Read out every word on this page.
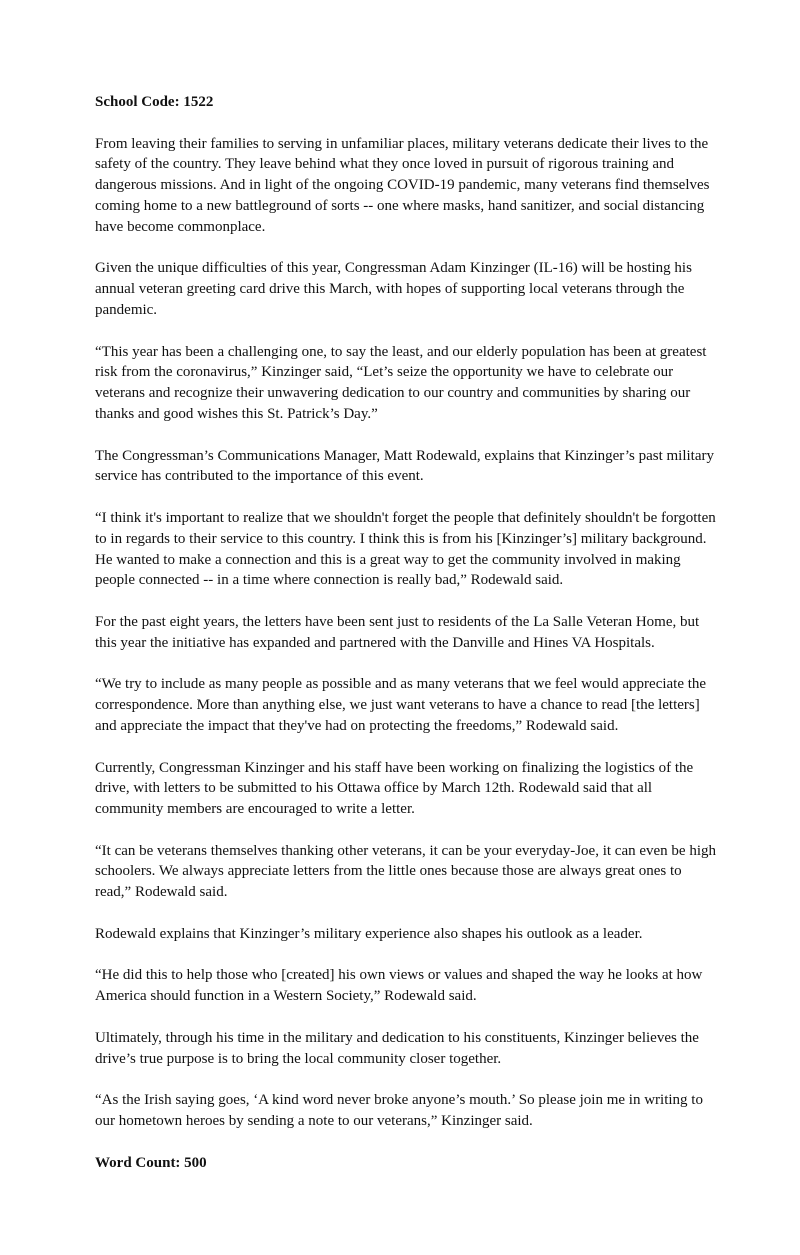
School Code: 1522

From leaving their families to serving in unfamiliar places, military veterans dedicate their lives to the safety of the country. They leave behind what they once loved in pursuit of rigorous training and dangerous missions. And in light of the ongoing COVID-19 pandemic, many veterans find themselves coming home to a new battleground of sorts -- one where masks, hand sanitizer, and social distancing have become commonplace.

Given the unique difficulties of this year, Congressman Adam Kinzinger (IL-16) will be hosting his annual veteran greeting card drive this March, with hopes of supporting local veterans through the pandemic.

“This year has been a challenging one, to say the least, and our elderly population has been at greatest risk from the coronavirus,” Kinzinger said, “Let’s seize the opportunity we have to celebrate our veterans and recognize their unwavering dedication to our country and communities by sharing our thanks and good wishes this St. Patrick’s Day.”

The Congressman’s Communications Manager, Matt Rodewald, explains that Kinzinger’s past military service has contributed to the importance of this event.

“I think it's important to realize that we shouldn't forget the people that definitely shouldn't be forgotten to in regards to their service to this country. I think this is from his [Kinzinger’s] military background. He wanted to make a connection and this is a great way to get the community involved in making people connected -- in a time where connection is really bad,” Rodewald said.

For the past eight years, the letters have been sent just to residents of the La Salle Veteran Home, but this year the initiative has expanded and partnered with the Danville and Hines VA Hospitals.

“We try to include as many people as possible and as many veterans that we feel would appreciate the correspondence. More than anything else, we just want veterans to have a chance to read [the letters] and appreciate the impact that they've had on protecting the freedoms,” Rodewald said.

Currently, Congressman Kinzinger and his staff have been working on finalizing the logistics of the drive, with letters to be submitted to his Ottawa office by March 12th. Rodewald said that all community members are encouraged to write a letter.

“It can be veterans themselves thanking other veterans, it can be your everyday-Joe, it can even be high schoolers. We always appreciate letters from the little ones because those are always great ones to read,” Rodewald said.

Rodewald explains that Kinzinger’s military experience also shapes his outlook as a leader.

“He did this to help those who [created] his own views or values and shaped the way he looks at how America should function in a Western Society,” Rodewald said.

Ultimately, through his time in the military and dedication to his constituents, Kinzinger believes the drive’s true purpose is to bring the local community closer together.

“As the Irish saying goes, ‘A kind word never broke anyone’s mouth.’ So please join me in writing to our hometown heroes by sending a note to our veterans,” Kinzinger said.

Word Count: 500
